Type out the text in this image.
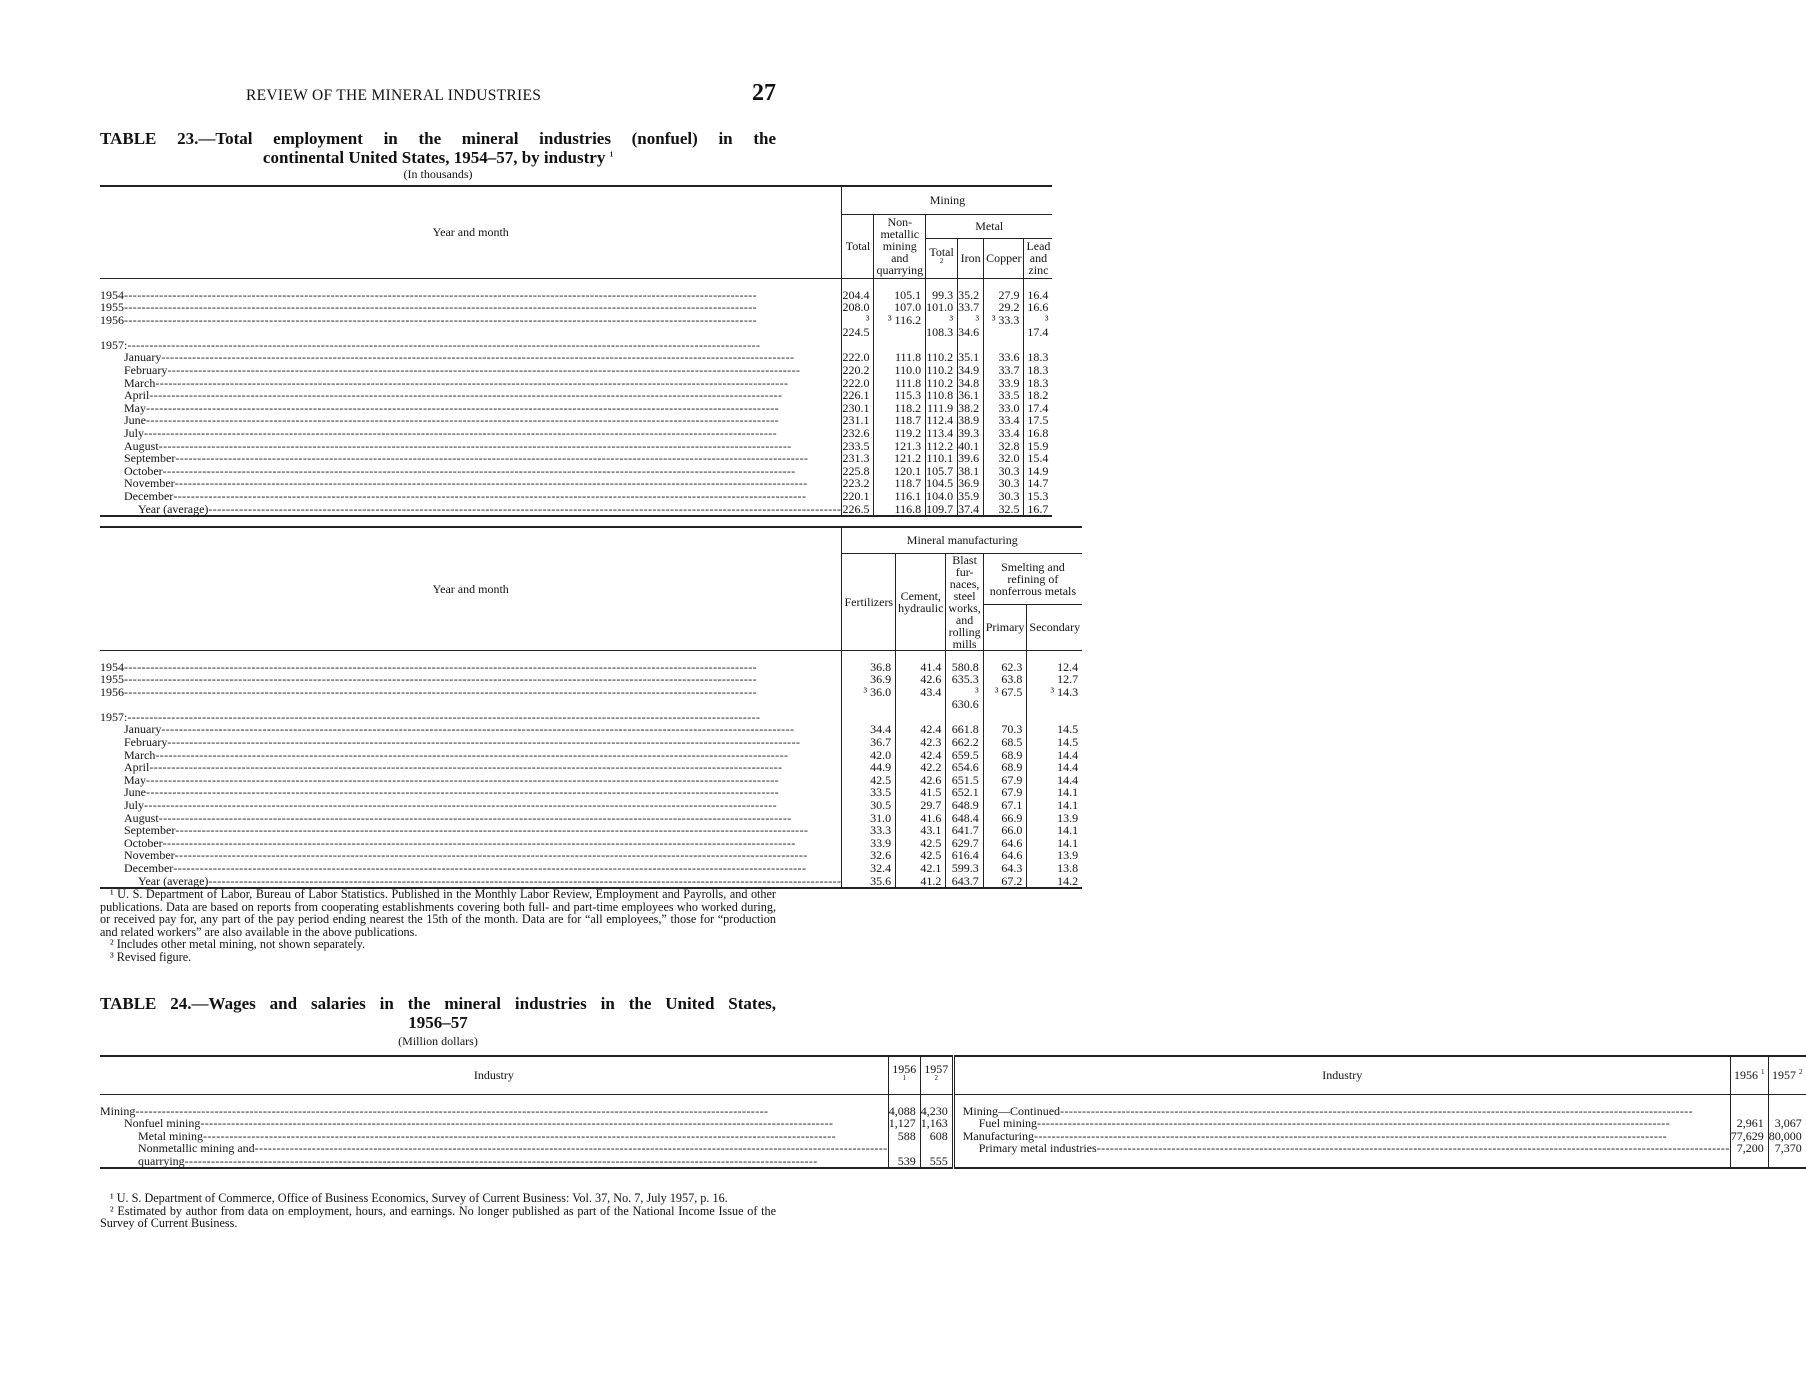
REVIEW OF THE MINERAL INDUSTRIES	27
TABLE 23.—Total employment in the mineral industries (nonfuel) in the
continental United States, 1954–57, by industry $^1$
(In thousands)
Year and month	Mining					
	Total	Non-metallic mining and quarrying	Metal			
			Total $^2$	Iron	Copper	Lead and zinc

1954 -----	204.4	105.1	99.3	35.2	27.9	16.4
1955 -----	208.0	107.0	101.0	33.7	29.2	16.6
1956 -----	³ 224.5	³ 116.2	³ 108.3	³ 34.6	³ 33.3	³ 17.4
1957: -----						
January -----	222.0	111.8	110.2	35.1	33.6	18.3
February -----	220.2	110.0	110.2	34.9	33.7	18.3
March -----	222.0	111.8	110.2	34.8	33.9	18.3
April -----	226.1	115.3	110.8	36.1	33.5	18.2
May -----	230.1	118.2	111.9	38.2	33.0	17.4
June -----	231.1	118.7	112.4	38.9	33.4	17.5
July -----	232.6	119.2	113.4	39.3	33.4	16.8
August -----	233.5	121.3	112.2	40.1	32.8	15.9
September -----	231.3	121.2	110.1	39.6	32.0	15.4
October -----	225.8	120.1	105.7	38.1	30.3	14.9
November -----	223.2	118.7	104.5	36.9	30.3	14.7
December -----	220.1	116.1	104.0	35.9	30.3	15.3
Year (average) -----	226.5	116.8	109.7	37.4	32.5	16.7
Year and month	Mineral manufacturing				
	Fertilizers	Cement, hydraulic	Blast fur-naces, steel works, and rolling mills	Smelting and refining of nonferrous metals	
				Primary	Secondary

1954 -----	36.8	41.4	580.8	62.3	12.4
1955 -----	36.9	42.6	635.3	63.8	12.7
1956 -----	³ 36.0	43.4	³ 630.6	³ 67.5	³ 14.3
1957: -----					
January -----	34.4	42.4	661.8	70.3	14.5
February -----	36.7	42.3	662.2	68.5	14.5
March -----	42.0	42.4	659.5	68.9	14.4
April -----	44.9	42.2	654.6	68.9	14.4
May -----	42.5	42.6	651.5	67.9	14.4
June -----	33.5	41.5	652.1	67.9	14.1
July -----	30.5	29.7	648.9	67.1	14.1
August -----	31.0	41.6	648.4	66.9	13.9
September -----	33.3	43.1	641.7	66.0	14.1
October -----	33.9	42.5	629.7	64.6	14.1
November -----	32.6	42.5	616.4	64.6	13.9
December -----	32.4	42.1	599.3	64.3	13.8
Year (average) -----	35.6	41.2	643.7	67.2	14.2

¹ U. S. Department of Labor, Bureau of Labor Statistics. Published in the Monthly Labor Review, Employment and Payrolls, and other publications. Data are based on reports from cooperating establishments covering both full- and part-time employees who worked during, or received pay for, any part of the pay period ending nearest the 15th of the month. Data are for “all employees,” those for “production and related workers” are also available in the above publications.

² Includes other metal mining, not shown separately.

³ Revised figure.

TABLE 24.—Wages and salaries in the mineral industries in the United States,
1956–57
(Million dollars)
Industry	1956 $^1$	1957 $^2$	Industry	1956 $^1$	1957 $^2$

Mining -----	4,088	4,230	Mining—Continued -----		
Nonfuel mining -----	1,127	1,163	Fuel mining -----	2,961	3,067
Metal mining -----	588	608	Manufacturing -----	77,629	80,000
Nonmetallic mining and -----			Primary metal industries -----	7,200	7,370
quarrying -----	539	555			

¹ U. S. Department of Commerce, Office of Business Economics, Survey of Current Business: Vol. 37, No. 7, July 1957, p. 16.

² Estimated by author from data on employment, hours, and earnings. No longer published as part of the National Income Issue of the Survey of Current Business.
